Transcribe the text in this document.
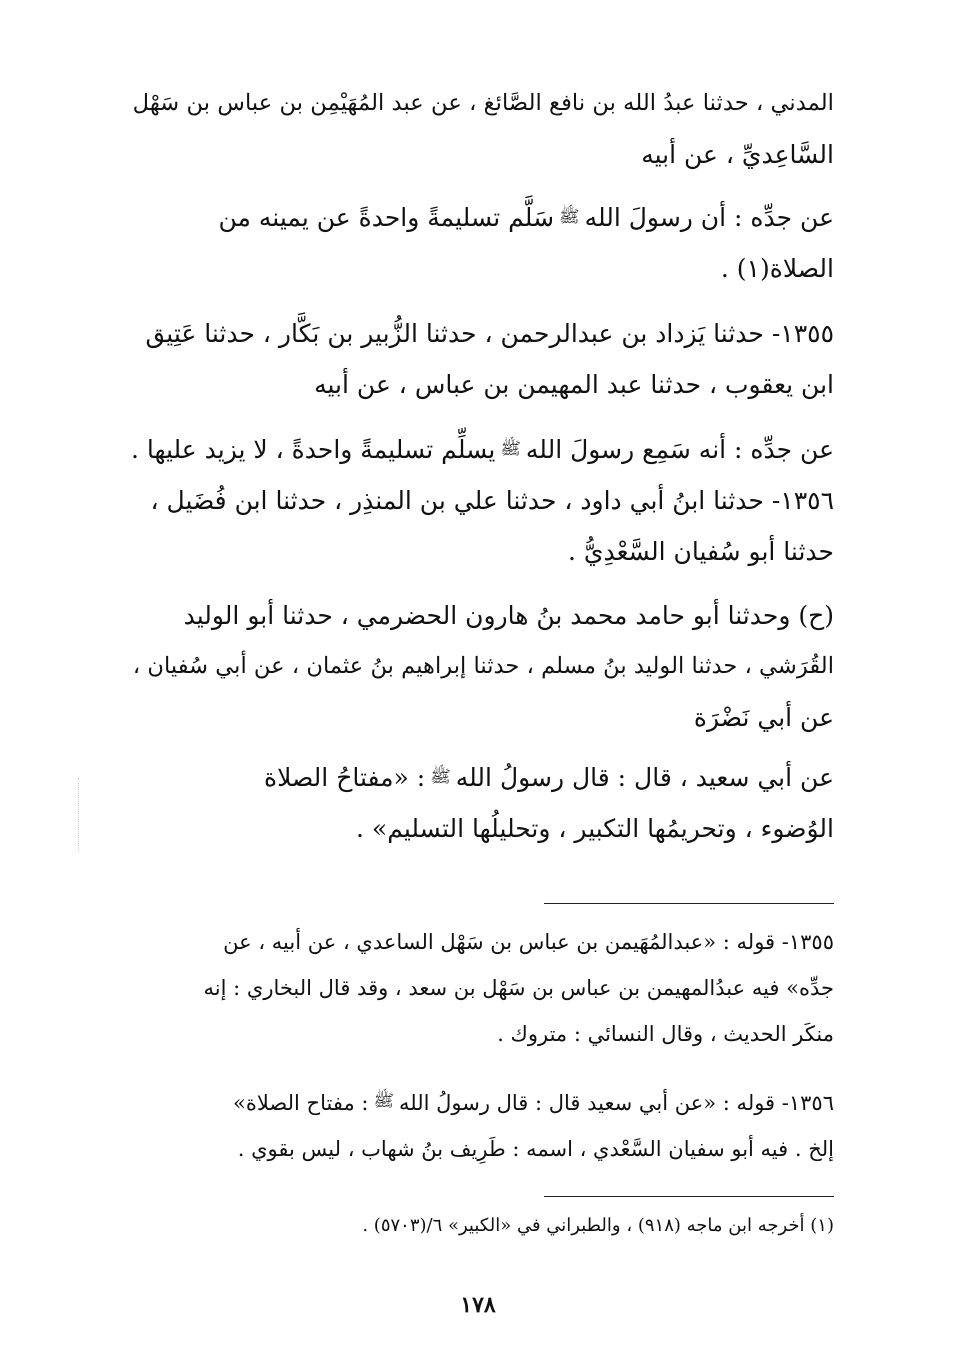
المدني ، حدثنا عبدُ الله بن نافع الصَّائغ ، عن عبد المُهَيْمِن بن عباس بن سَهْل
السَّاعِديِّ ، عن أبيه
عن جدِّه : أن رسولَ اللهﷺسَلَّم تسليمةً واحدةً عن يمينه من
الصلاة(١) .
١٣٥٥- حدثنا يَزداد بن عبدالرحمن ، حدثنا الزُّبير بن بَكَّار ، حدثنا عَتِيق
ابن يعقوب ، حدثنا عبد المهيمن بن عباس ، عن أبيه
عن جدِّه : أنه سَمِع رسولَ اللهﷺيسلِّم تسليمةً واحدةً ، لا يزيد عليها .
١٣٥٦- حدثنا ابنُ أبي داود ، حدثنا علي بن المنذِر ، حدثنا ابن فُضَيل ،
حدثنا أبو سُفيان السَّعْدِيُّ .
(ح) وحدثنا أبو حامد محمد بنُ هارون الحضرمي ، حدثنا أبو الوليد
القُرَشي ، حدثنا الوليد بنُ مسلم ، حدثنا إبراهيم بنُ عثمان ، عن أبي سُفيان ،
عن أبي نَضْرَة
عن أبي سعيد ، قال : قال رسولُ اللهﷺ: «مفتاحُ الصلاة
الوُضوء ، وتحريمُها التكبير ، وتحليلُها التسليم» .
١٣٥٥- قوله : «عبدالمُهَيمن بن عباس بن سَهْل الساعدي ، عن أبيه ، عن
جدِّه» فيه عبدُالمهيمن بن عباس بن سَهْل بن سعد ، وقد قال البخاري : إنه
منكَر الحديث ، وقال النسائي : متروك .
١٣٥٦- قوله : «عن أبي سعيد قال : قال رسولُ اللهﷺ: مفتاح الصلاة»
إلخ . فيه أبو سفيان السَّعْدي ، اسمه : طَرِيف بنُ شهاب ، ليس بقوي .
(١) أخرجه ابن ماجه (٩١٨) ، والطبراني في «الكبير» ٦/(٥٧٠٣) .
١٧٨
